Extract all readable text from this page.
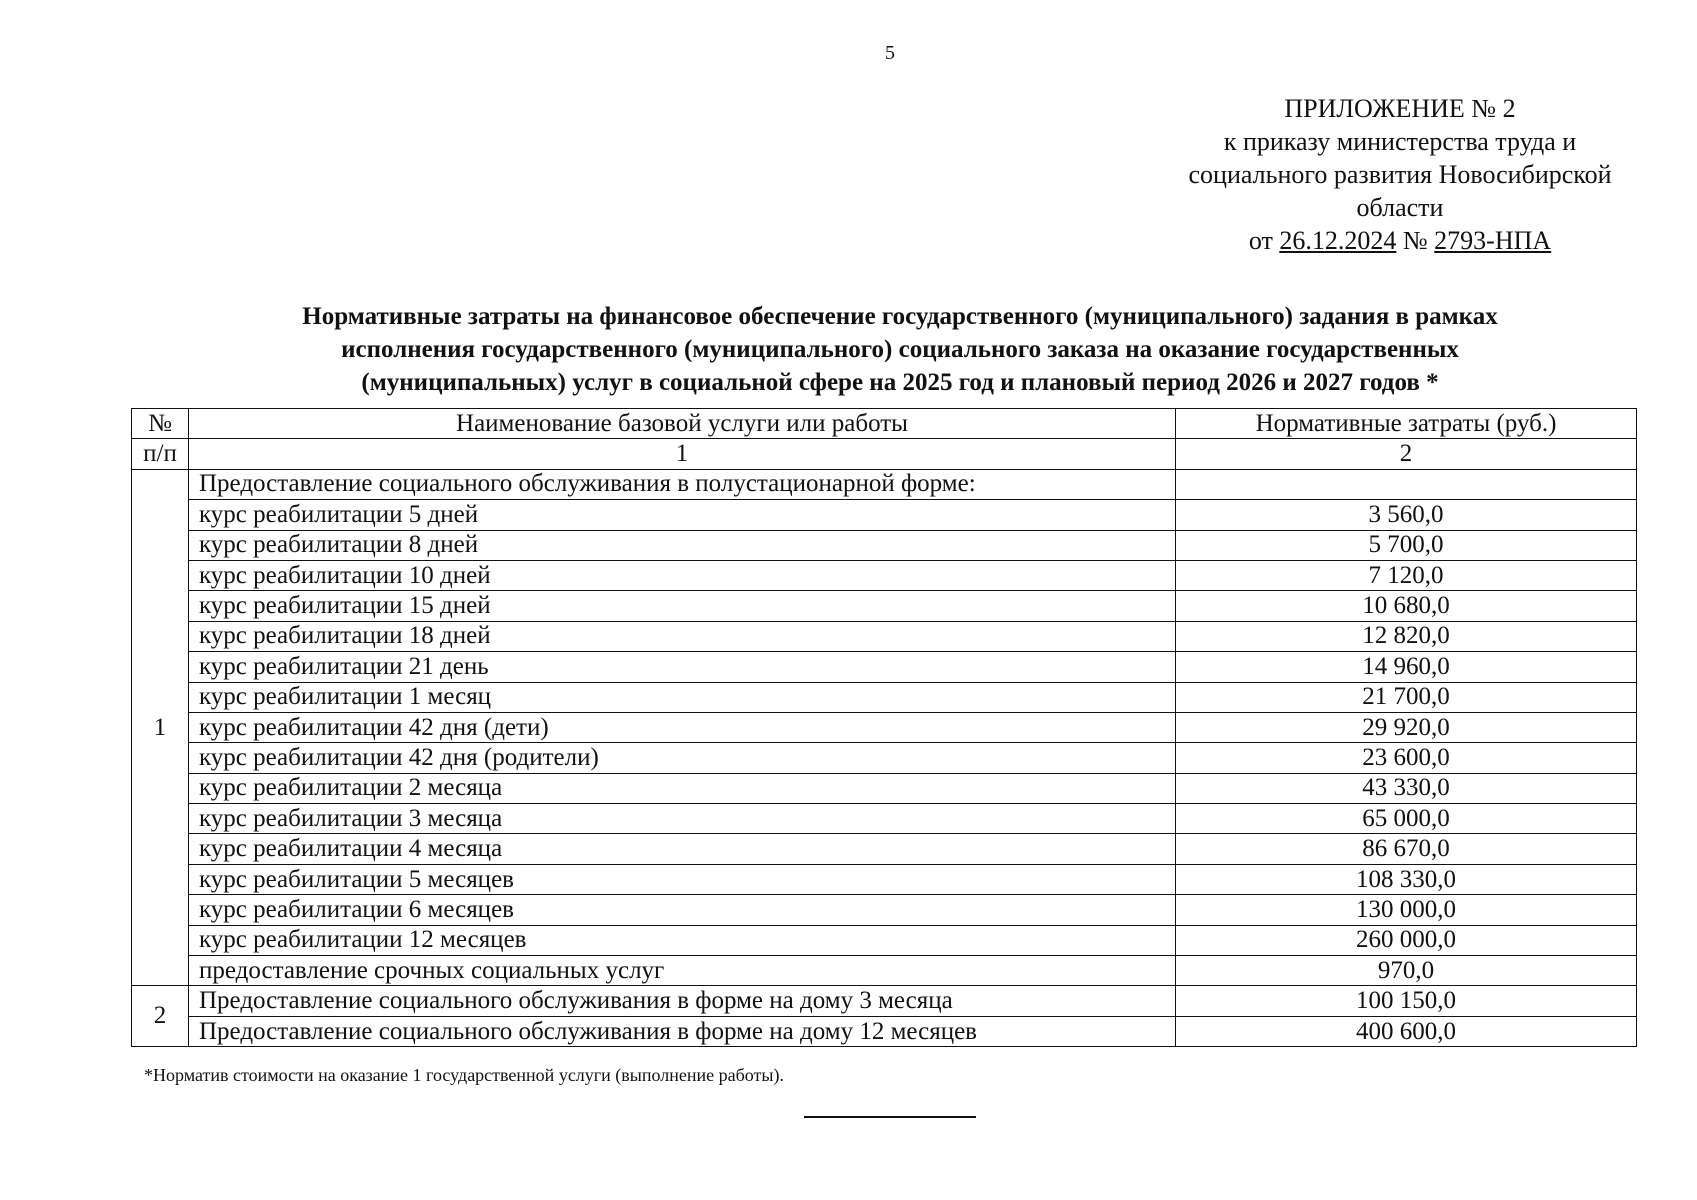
5
ПРИЛОЖЕНИЕ № 2
к приказу министерства труда и
социального развития Новосибирской
области
от 26.12.2024 № 2793-НПА
Нормативные затраты на финансовое обеспечение государственного (муниципального) задания в рамках
исполнения государственного (муниципального) социального заказа на оказание государственных
(муниципальных) услуг в социальной сфере на 2025 год и плановый период 2026 и 2027 годов *
№	Наименование базовой услуги или работы	Нормативные затраты (руб.)
п/п	1	2
1	Предоставление социального обслуживания в полустационарной форме:	
	курс реабилитации 5 дней	3 560,0
	курс реабилитации 8 дней	5 700,0
	курс реабилитации 10 дней	7 120,0
	курс реабилитации 15 дней	10 680,0
	курс реабилитации 18 дней	12 820,0
	курс реабилитации 21 день	14 960,0
	курс реабилитации 1 месяц	21 700,0
	курс реабилитации 42 дня (дети)	29 920,0
	курс реабилитации 42 дня (родители)	23 600,0
	курс реабилитации 2 месяца	43 330,0
	курс реабилитации 3 месяца	65 000,0
	курс реабилитации 4 месяца	86 670,0
	курс реабилитации 5 месяцев	108 330,0
	курс реабилитации 6 месяцев	130 000,0
	курс реабилитации 12 месяцев	260 000,0
	предоставление срочных социальных услуг	970,0
2	Предоставление социального обслуживания в форме на дому 3 месяца	100 150,0
	Предоставление социального обслуживания в форме на дому 12 месяцев	400 600,0
*Норматив стоимости на оказание 1 государственной услуги (выполнение работы).
